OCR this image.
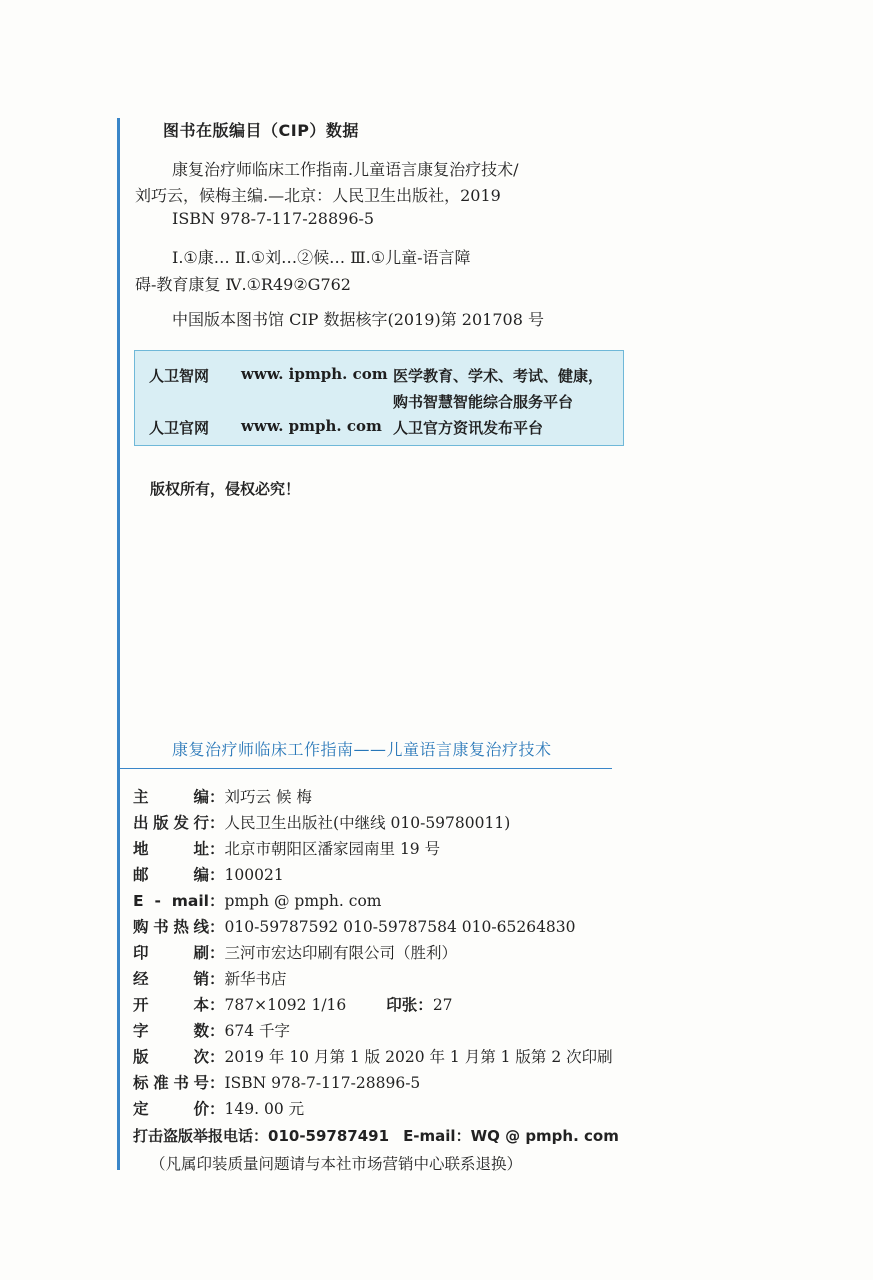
图书在版编目（CIP）数据
康复治疗师临床工作指南.儿童语言康复治疗技术/
刘巧云，候梅主编.—北京：人民卫生出版社，2019
ISBN 978-7-117-28896-5
Ⅰ.①康… Ⅱ.①刘…②候… Ⅲ.①儿童-语言障
碍-教育康复 Ⅳ.①R49②G762
中国版本图书馆 CIP 数据核字(2019)第 201708 号
人卫智网 www. ipmph. com 医学教育、学术、考试、健康，
购书智慧智能综合服务平台
人卫官网 www. pmph. com 人卫官方资讯发布平台
版权所有，侵权必究！
康复治疗师临床工作指南——儿童语言康复治疗技术
主 编：刘巧云 候 梅
出版发行：人民卫生出版社(中继线 010-59780011)
地 址：北京市朝阳区潘家园南里 19 号
邮 编：100021
E - mail：pmph @ pmph. com
购书热线：010-59787592 010-59787584 010-65264830
印 刷：三河市宏达印刷有限公司（胜利）
经 销：新华书店
开 本：787×1092 1/16	印张：27
字 数：674 千字
版 次：2019 年 10 月第 1 版 2020 年 1 月第 1 版第 2 次印刷
标准书号：ISBN 978-7-117-28896-5
定 价：149. 00 元
打击盗版举报电话：010-59787491 E-mail：WQ @ pmph. com
（凡属印装质量问题请与本社市场营销中心联系退换）
